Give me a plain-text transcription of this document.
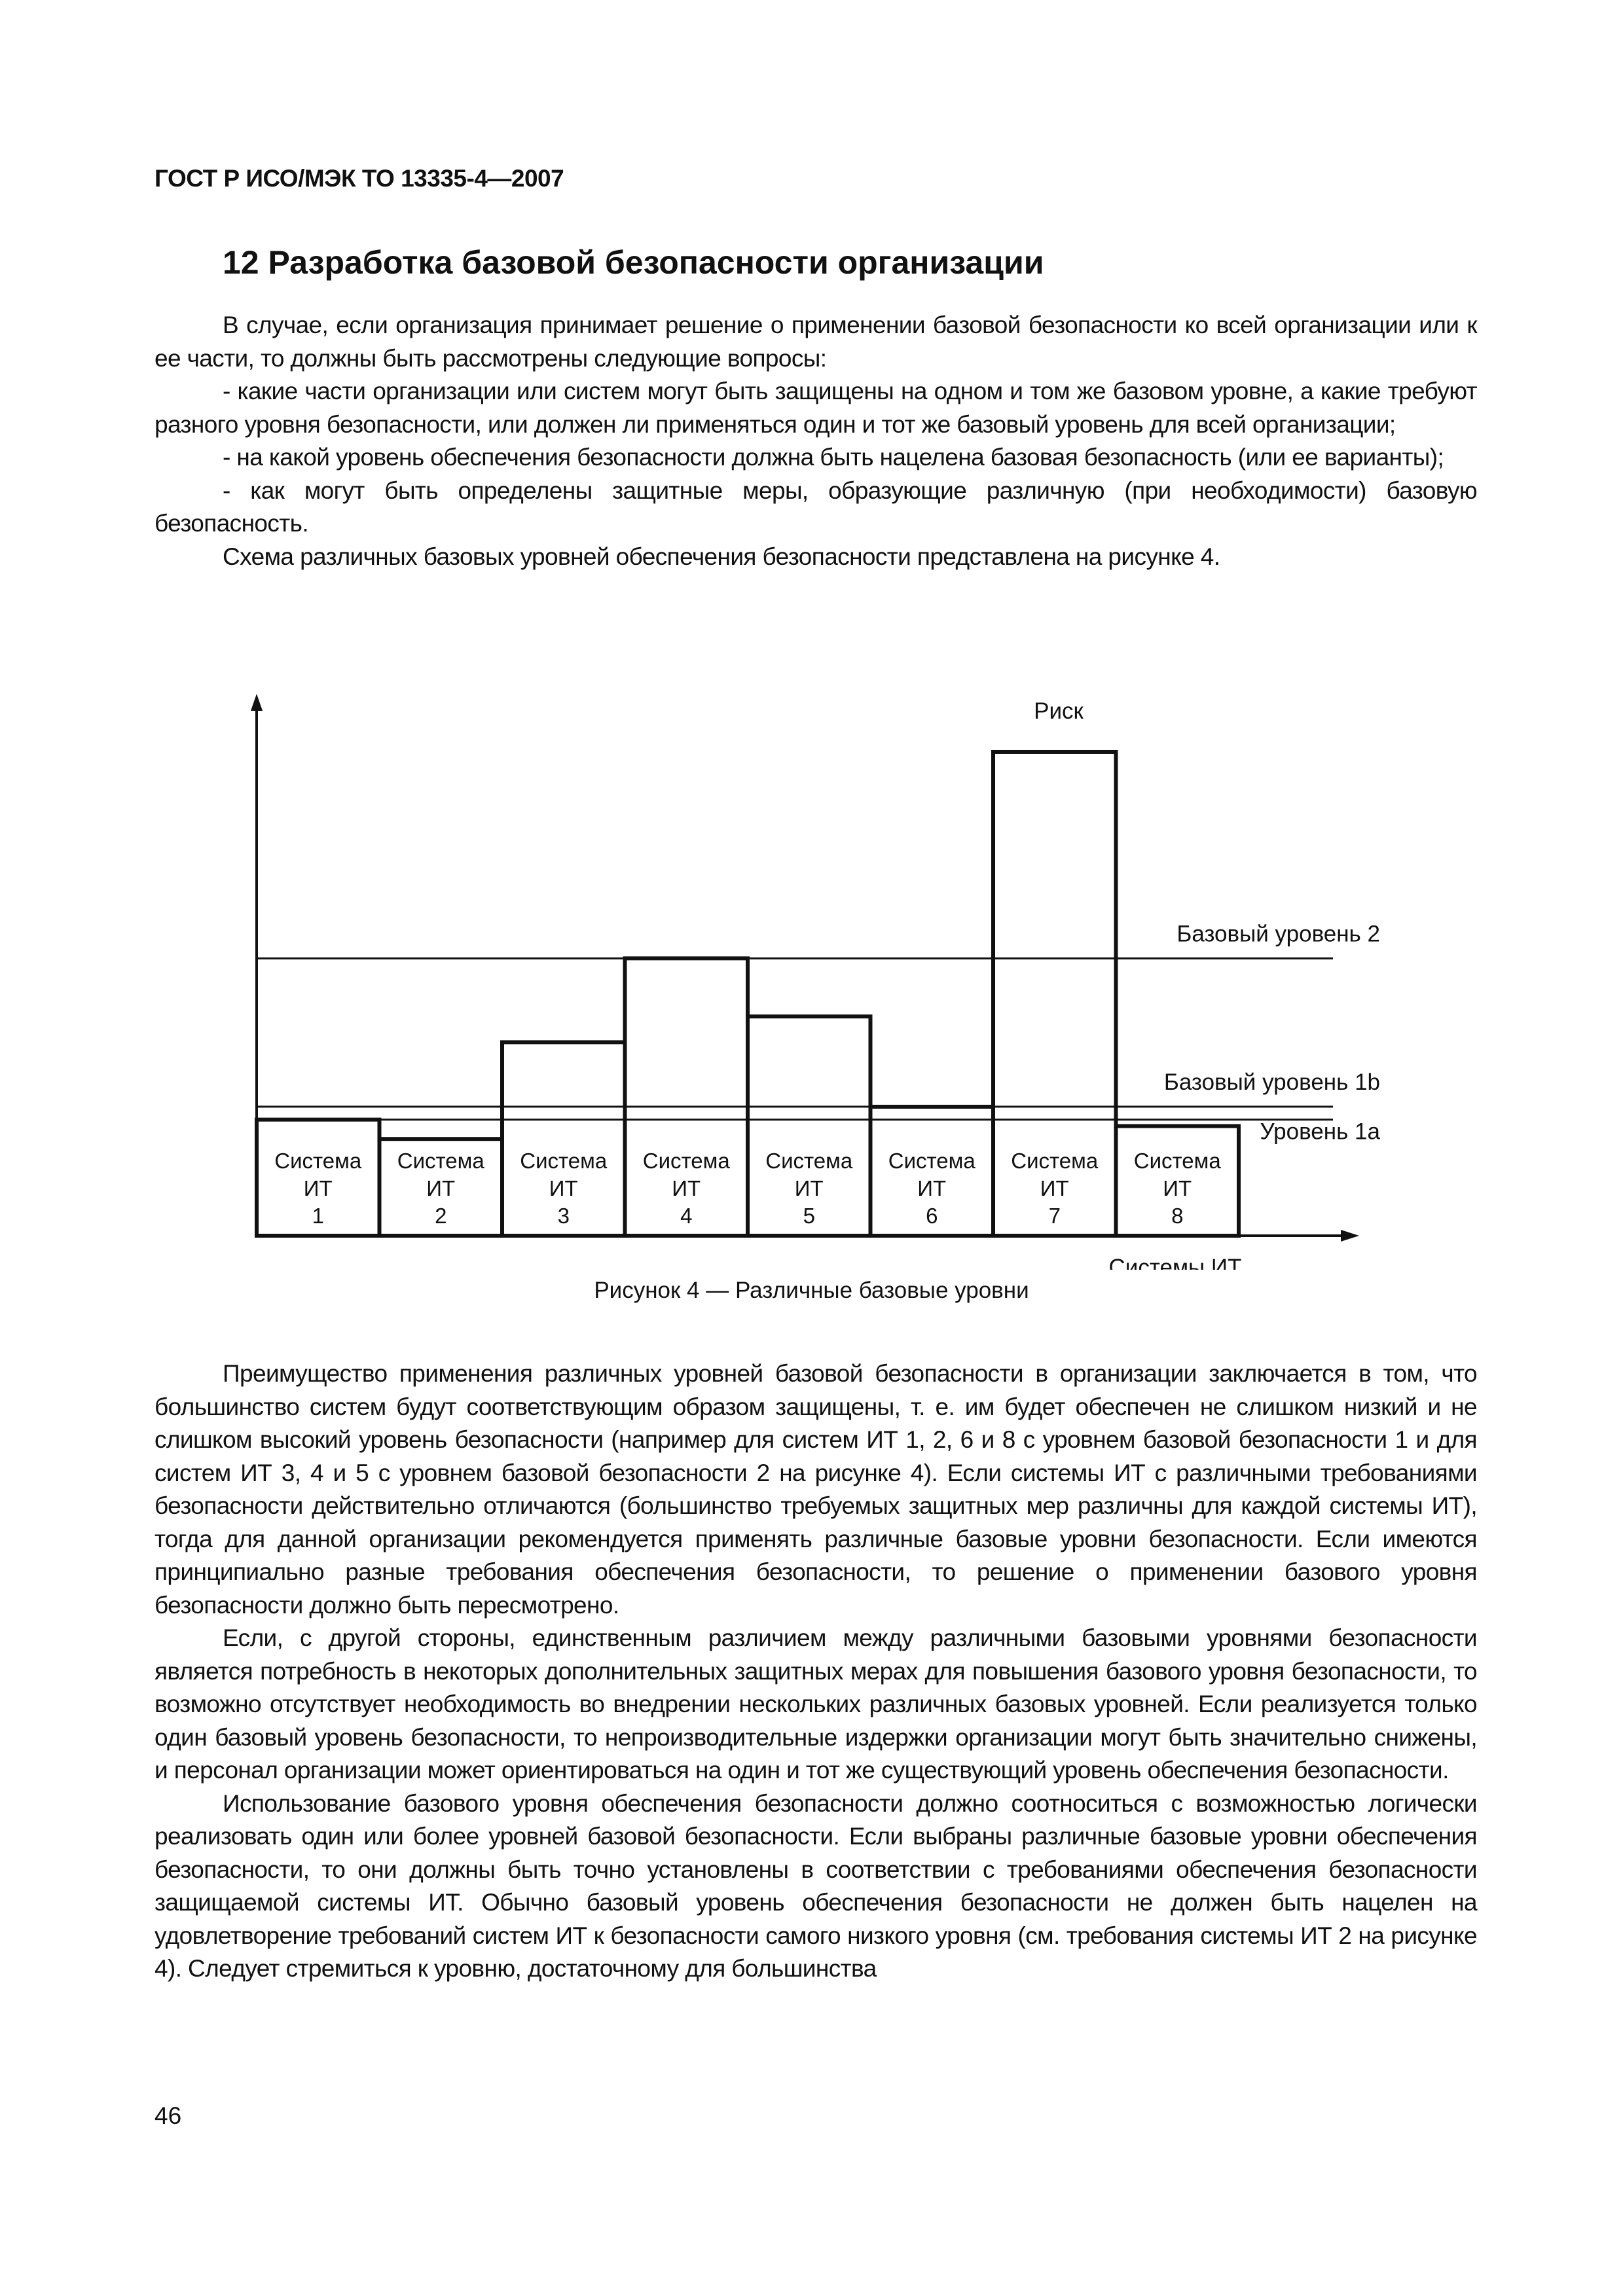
ГОСТ Р ИСО/МЭК ТО 13335-4—2007
12 Разработка базовой безопасности организации

В случае, если организация принимает решение о применении базовой безопасности ко всей организации или к ее части, то должны быть рассмотрены следующие вопросы:

- какие части организации или систем могут быть защищены на одном и том же базовом уровне, а какие требуют разного уровня безопасности, или должен ли применяться один и тот же базовый уровень для всей организации;

- на какой уровень обеспечения безопасности должна быть нацелена базовая безопасность (или ее варианты);

- как могут быть определены защитные меры, образующие различную (при необходимости) базовую безопасность.

Схема различных базовых уровней обеспечения безопасности представлена на рисунке 4.

Базовый уровень 2
Базовый уровень 1b
Уровень 1a
Система
ИТ
1
Система
ИТ
2
Система
ИТ
3
Система
ИТ
4
Система
ИТ
5
Система
ИТ
6
Система
ИТ
7
Система
ИТ
8
Риск
Системы ИТ
Рисунок 4 — Различные базовые уровни

Преимущество применения различных уровней базовой безопасности в организации заключается в том, что большинство систем будут соответствующим образом защищены, т. е. им будет обеспечен не слишком низкий и не слишком высокий уровень безопасности (например для систем ИТ 1, 2, 6 и 8 с уровнем базовой безопасности 1 и для систем ИТ 3, 4 и 5 с уровнем базовой безопасности 2 на рисунке 4). Если системы ИТ с различными требованиями безопасности действительно отличаются (большинство требуемых защитных мер различны для каждой системы ИТ), тогда для данной организации рекомендуется применять различные базовые уровни безопасности. Если имеются принципиально разные требования обеспечения безопасности, то решение о применении базового уровня безопасности должно быть пересмотрено.

Если, с другой стороны, единственным различием между различными базовыми уровнями безопасности является потребность в некоторых дополнительных защитных мерах для повышения базового уровня безопасности, то возможно отсутствует необходимость во внедрении нескольких различных базовых уровней. Если реализуется только один базовый уровень безопасности, то непроизводительные издержки организации могут быть значительно снижены, и персонал организации может ориентироваться на один и тот же существующий уровень обеспечения безопасности.

Использование базового уровня обеспечения безопасности должно соотноситься с возможностью логически реализовать один или более уровней базовой безопасности. Если выбраны различные базовые уровни обеспечения безопасности, то они должны быть точно установлены в соответствии с требованиями обеспечения безопасности защищаемой системы ИТ. Обычно базовый уровень обеспечения безопасности не должен быть нацелен на удовлетворение требований систем ИТ к безопасности самого низкого уровня (см. требования системы ИТ 2 на рисунке 4). Следует стремиться к уровню, достаточному для большинства

46
